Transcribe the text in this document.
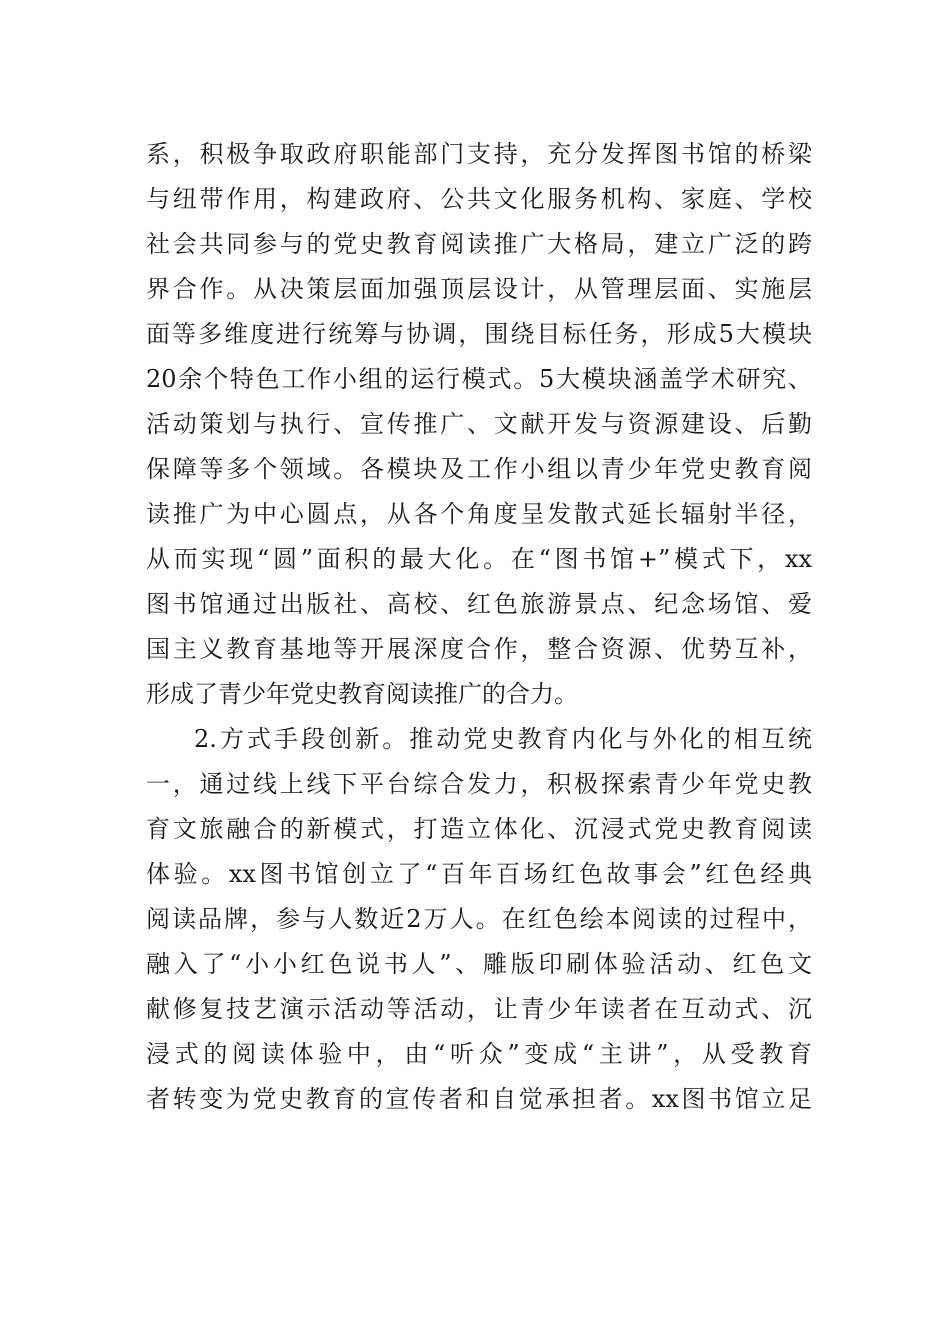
系，积极争取政府职能部门支持，充分发挥图书馆的桥梁
与纽带作用，构建政府、公共文化服务机构、家庭、学校
社会共同参与的党史教育阅读推广大格局，建立广泛的跨
界合作。从决策层面加强顶层设计，从管理层面、实施层
面等多维度进行统筹与协调，围绕目标任务，形成5大模块
20余个特色工作小组的运行模式。5大模块涵盖学术研究、
活动策划与执行、宣传推广、文献开发与资源建设、后勤
保障等多个领域。各模块及工作小组以青少年党史教育阅
读推广为中心圆点，从各个角度呈发散式延长辐射半径，
从而实现“圆”面积的最大化。在“图书馆+”模式下，xx
图书馆通过出版社、高校、红色旅游景点、纪念场馆、爱
国主义教育基地等开展深度合作，整合资源、优势互补，
形成了青少年党史教育阅读推广的合力。
2.方式手段创新。推动党史教育内化与外化的相互统
一，通过线上线下平台综合发力，积极探索青少年党史教
育文旅融合的新模式，打造立体化、沉浸式党史教育阅读
体验。xx图书馆创立了“百年百场红色故事会”红色经典
阅读品牌，参与人数近2万人。在红色绘本阅读的过程中，
融入了“小小红色说书人”、雕版印刷体验活动、红色文
献修复技艺演示活动等活动，让青少年读者在互动式、沉
浸式的阅读体验中，由“听众”变成“主讲”，从受教育
者转变为党史教育的宣传者和自觉承担者。xx图书馆立足
